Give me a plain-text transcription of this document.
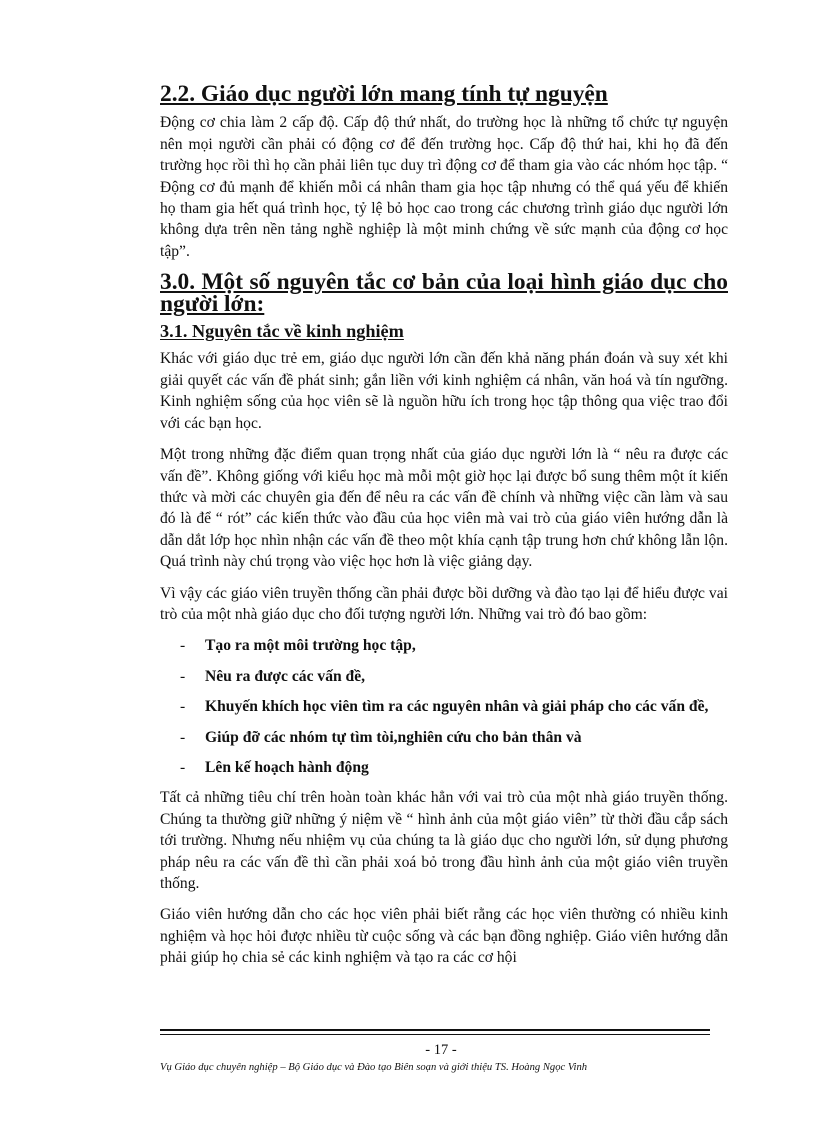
2.2. Giáo dục người lớn mang tính tự nguyện

Động cơ chia làm 2 cấp độ. Cấp độ thứ nhất, do trường học là những tổ chức tự nguyện nên mọi người cần phải có động cơ để đến trường học. Cấp độ thứ hai, khi họ đã đến trường học rồi thì họ cần phải liên tục duy trì động cơ để tham gia vào các nhóm học tập. “ Động cơ đủ mạnh để khiến mỗi cá nhân tham gia học tập nhưng có thể quá yếu để khiến họ tham gia hết quá trình học, tỷ lệ bỏ học cao trong các chương trình giáo dục người lớn không dựa trên nền tảng nghề nghiệp là một minh chứng về sức mạnh của động cơ học tập”.

3.0. Một số nguyên tắc cơ bản của loại hình giáo dục cho người lớn:
3.1. Nguyên tắc về kinh nghiệm

Khác với giáo dục trẻ em, giáo dục người lớn cần đến khả năng phán đoán và suy xét khi giải quyết các vấn đề phát sinh; gắn liền với kinh nghiệm cá nhân, văn hoá và tín ngưỡng. Kinh nghiệm sống của học viên sẽ là nguồn hữu ích trong học tập thông qua việc trao đổi với các bạn học.

Một trong những đặc điểm quan trọng nhất của giáo dục người lớn là “ nêu ra được các vấn đề”. Không giống với kiểu học mà mỗi một giờ học lại được bổ sung thêm một ít kiến thức và mời các chuyên gia đến để nêu ra các vấn đề chính và những việc cần làm và sau đó là để “ rót” các kiến thức vào đầu của học viên mà vai trò của giáo viên hướng dẫn là dẫn dắt lớp học nhìn nhận các vấn đề theo một khía cạnh tập trung hơn chứ không lẫn lộn. Quá trình này chú trọng vào việc học hơn là việc giảng dạy.

Vì vậy các giáo viên truyền thống cần phải được bồi dưỡng và đào tạo lại để hiểu được vai trò của một nhà giáo dục cho đối tượng người lớn. Những vai trò đó bao gồm:

- Tạo ra một môi trường học tập,
- Nêu ra được các vấn đề,
- Khuyến khích học viên tìm ra các nguyên nhân và giải pháp cho các vấn đề,
- Giúp đỡ các nhóm tự tìm tòi,nghiên cứu cho bản thân và
- Lên kế hoạch hành động

Tất cả những tiêu chí trên hoàn toàn khác hẳn với vai trò của một nhà giáo truyền thống. Chúng ta thường giữ những ý niệm về “ hình ảnh của một giáo viên” từ thời đầu cắp sách tới trường. Nhưng nếu nhiệm vụ của chúng ta là giáo dục cho người lớn, sử dụng phương pháp nêu ra các vấn đề thì cần phải xoá bỏ trong đầu hình ảnh của một giáo viên truyền thống.

Giáo viên hướng dẫn cho các học viên phải biết rằng các học viên thường có nhiều kinh nghiệm và học hỏi được nhiều từ cuộc sống và các bạn đồng nghiệp. Giáo viên hướng dẫn phải giúp họ chia sẻ các kinh nghiệm và tạo ra các cơ hội

- 17 -
Vụ Giáo dục chuyên nghiệp – Bộ Giáo dục và Đào tạo Biên soạn và giới thiệu TS. Hoàng Ngọc Vinh
